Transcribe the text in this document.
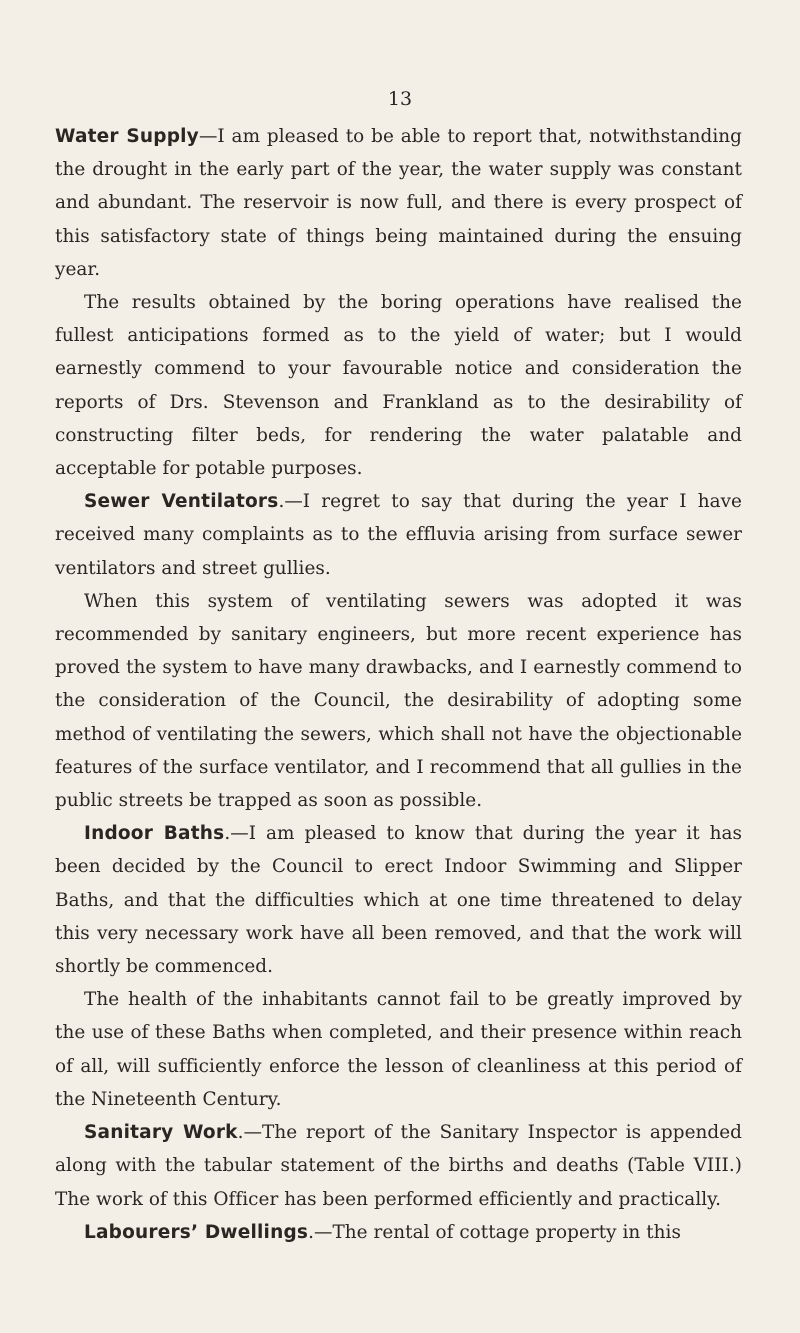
13

Water Supply—I am pleased to be able to report that, notwithstanding the drought in the early part of the year, the water supply was constant and abundant. The reservoir is now full, and there is every prospect of this satisfactory state of things being maintained during the ensuing year.

The results obtained by the boring operations have realised the fullest anticipations formed as to the yield of water; but I would earnestly commend to your favourable notice and consideration the reports of Drs. Stevenson and Frankland as to the desirability of constructing filter beds, for rendering the water palatable and acceptable for potable purposes.

Sewer Ventilators.—I regret to say that during the year I have received many complaints as to the effluvia arising from surface sewer ventilators and street gullies.

When this system of ventilating sewers was adopted it was recommended by sanitary engineers, but more recent experience has proved the system to have many drawbacks, and I earnestly commend to the consideration of the Council, the desirability of adopting some method of ventilating the sewers, which shall not have the objectionable features of the surface ventilator, and I recommend that all gullies in the public streets be trapped as soon as possible.

Indoor Baths.—I am pleased to know that during the year it has been decided by the Council to erect Indoor Swimming and Slipper Baths, and that the difficulties which at one time threatened to delay this very necessary work have all been removed, and that the work will shortly be commenced.

The health of the inhabitants cannot fail to be greatly improved by the use of these Baths when completed, and their presence within reach of all, will sufficiently enforce the lesson of cleanliness at this period of the Nineteenth Century.

Sanitary Work.—The report of the Sanitary Inspector is appended along with the tabular statement of the births and deaths (Table VIII.) The work of this Officer has been performed efficiently and practically.

Labourers’ Dwellings.—The rental of cottage property in this
